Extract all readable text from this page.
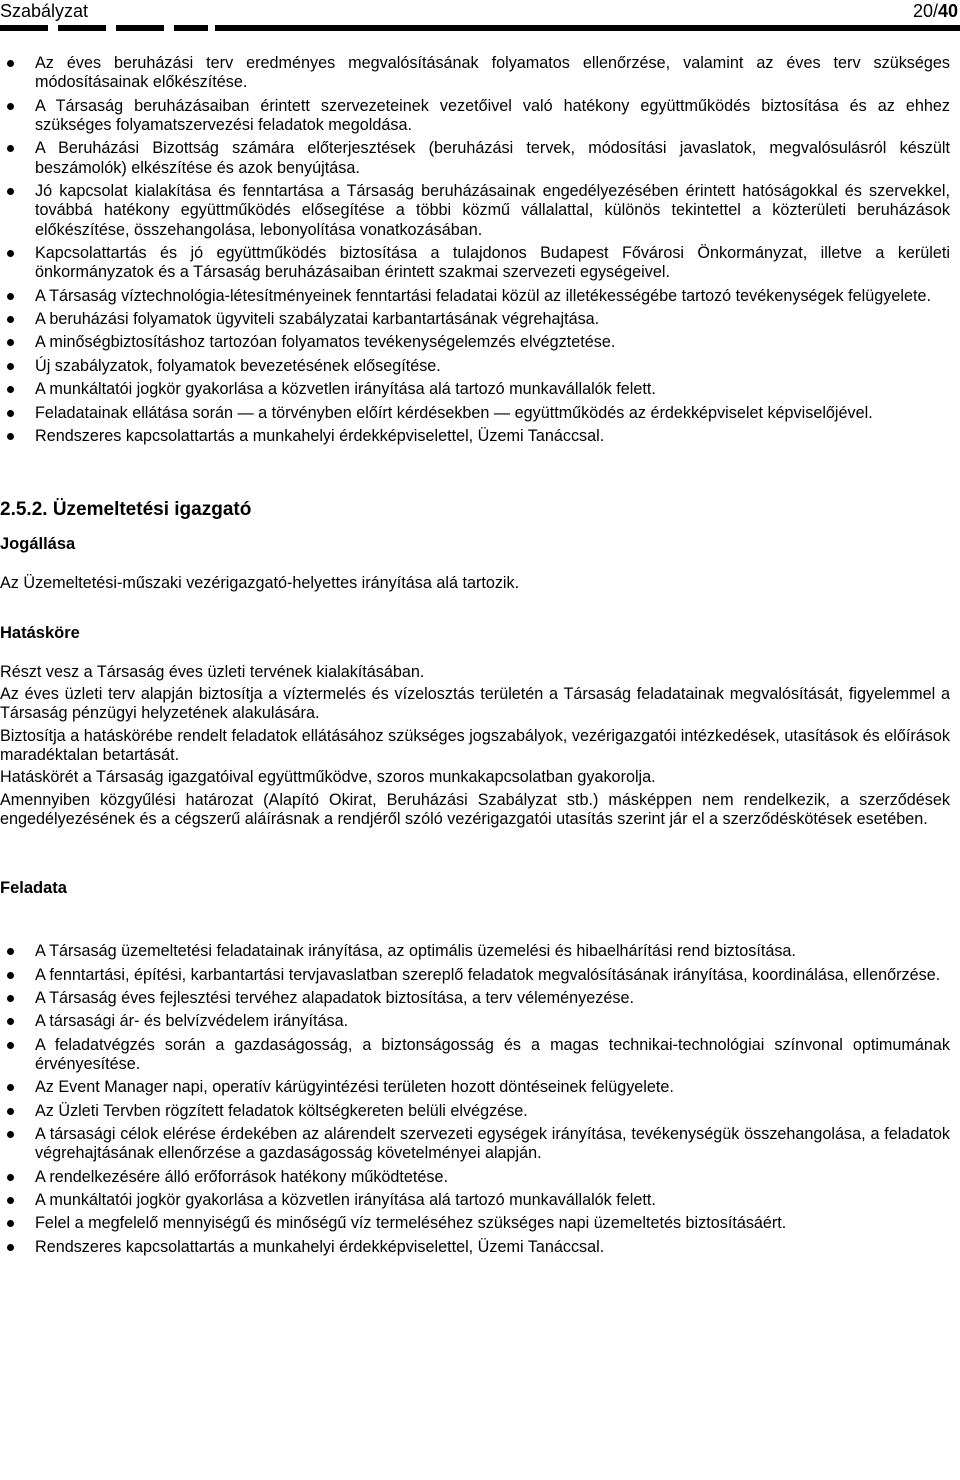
Szabályzat	20/40
Az éves beruházási terv eredményes megvalósításának folyamatos ellenőrzése, valamint az éves terv szükséges módosításainak előkészítése.
A Társaság beruházásaiban érintett szervezeteinek vezetőivel való hatékony együttműködés biztosítása és az ehhez szükséges folyamatszervezési feladatok megoldása.
A Beruházási Bizottság számára előterjesztések (beruházási tervek, módosítási javaslatok, megvalósulásról készült beszámolók) elkészítése és azok benyújtása.
Jó kapcsolat kialakítása és fenntartása a Társaság beruházásainak engedélyezésében érintett hatóságokkal és szervekkel, továbbá hatékony együttműködés elősegítése a többi közmű vállalattal, különös tekintettel a közterületi beruházások előkészítése, összehangolása, lebonyolítása vonatkozásában.
Kapcsolattartás és jó együttműködés biztosítása a tulajdonos Budapest Fővárosi Önkormányzat, illetve a kerületi önkormányzatok és a Társaság beruházásaiban érintett szakmai szervezeti egységeivel.
A Társaság víztechnológia-létesítményeinek fenntartási feladatai közül az illetékességébe tartozó tevékenységek felügyelete.
A beruházási folyamatok ügyviteli szabályzatai karbantartásának végrehajtása.
A minőségbiztosításhoz tartozóan folyamatos tevékenységelemzés elvégztetése.
Új szabályzatok, folyamatok bevezetésének elősegítése.
A munkáltatói jogkör gyakorlása a közvetlen irányítása alá tartozó munkavállalók felett.
Feladatainak ellátása során — a törvényben előírt kérdésekben — együttműködés az érdekképviselet képviselőjével.
Rendszeres kapcsolattartás a munkahelyi érdekképviselettel, Üzemi Tanáccsal.
2.5.2. Üzemeltetési igazgató
Jogállása

Az Üzemeltetési-műszaki vezérigazgató-helyettes irányítása alá tartozik.

Hatásköre

Részt vesz a Társaság éves üzleti tervének kialakításában.

Az éves üzleti terv alapján biztosítja a víztermelés és vízelosztás területén a Társaság feladatainak megvalósítását, figyelemmel a Társaság pénzügyi helyzetének alakulására.

Biztosítja a hatáskörébe rendelt feladatok ellátásához szükséges jogszabályok, vezérigazgatói intézkedések, utasítások és előírások maradéktalan betartását.

Hatáskörét a Társaság igazgatóival együttműködve, szoros munkakapcsolatban gyakorolja.

Amennyiben közgyűlési határozat (Alapító Okirat, Beruházási Szabályzat stb.) másképpen nem rendelkezik, a szerződések engedélyezésének és a cégszerű aláírásnak a rendjéről szóló vezérigazgatói utasítás szerint jár el a szerződéskötések esetében.

Feladata
A Társaság üzemeltetési feladatainak irányítása, az optimális üzemelési és hibaelhárítási rend biztosítása.
A fenntartási, építési, karbantartási tervjavaslatban szereplő feladatok megvalósításának irányítása, koordinálása, ellenőrzése.
A Társaság éves fejlesztési tervéhez alapadatok biztosítása, a terv véleményezése.
A társasági ár- és belvízvédelem irányítása.
A feladatvégzés során a gazdaságosság, a biztonságosság és a magas technikai-technológiai színvonal optimumának érvényesítése.
Az Event Manager napi, operatív kárügyintézési területen hozott döntéseinek felügyelete.
Az Üzleti Tervben rögzített feladatok költségkereten belüli elvégzése.
A társasági célok elérése érdekében az alárendelt szervezeti egységek irányítása, tevékenységük összehangolása, a feladatok végrehajtásának ellenőrzése a gazdaságosság követelményei alapján.
A rendelkezésére álló erőforrások hatékony működtetése.
A munkáltatói jogkör gyakorlása a közvetlen irányítása alá tartozó munkavállalók felett.
Felel a megfelelő mennyiségű és minőségű víz termeléséhez szükséges napi üzemeltetés biztosításáért.
Rendszeres kapcsolattartás a munkahelyi érdekképviselettel, Üzemi Tanáccsal.
